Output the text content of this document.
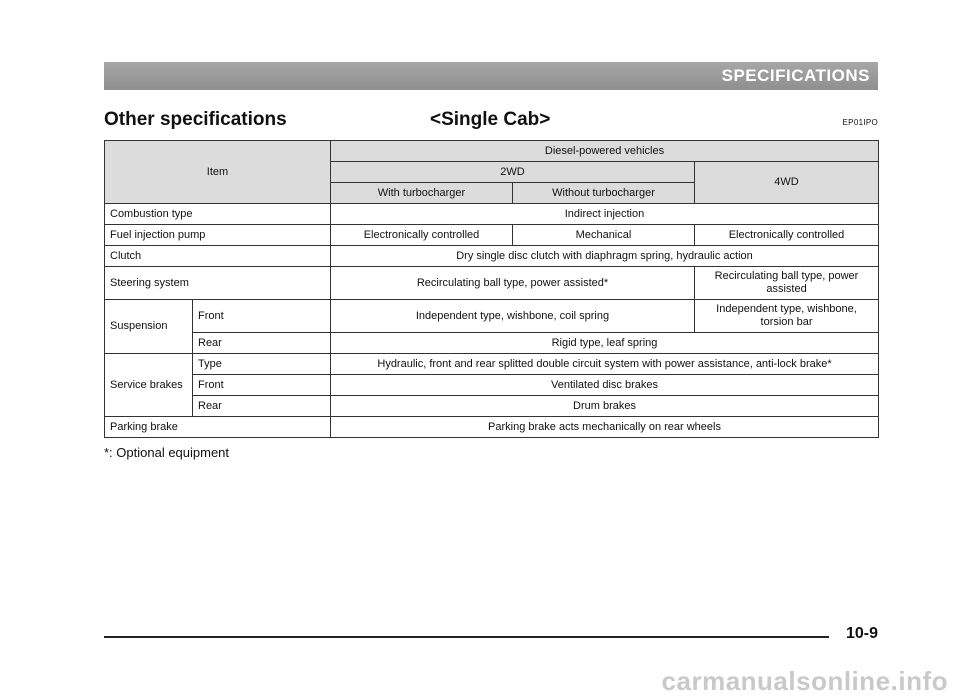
SPECIFICATIONS
Other specifications	<Single Cab>	EP01IPO
Item		Diesel-powered vehicles		
		2WD		4WD
		With turbocharger	Without turbocharger	
Combustion type		Indirect injection		
Fuel injection pump		Electronically controlled	Mechanical	Electronically controlled
Clutch		Dry single disc clutch with diaphragm spring, hydraulic action		
Steering system		Recirculating ball type, power assisted*		Recirculating ball type, power assisted
Suspension	Front	Independent type, wishbone, coil spring		Independent type, wishbone, torsion bar
	Rear	Rigid type, leaf spring		
Service brakes	Type	Hydraulic, front and rear splitted double circuit system with power assistance, anti-lock brake*		
	Front	Ventilated disc brakes		
	Rear	Drum brakes		
Parking brake		Parking brake acts mechanically on rear wheels		
*: Optional equipment
10-9
carmanualsonline.info
